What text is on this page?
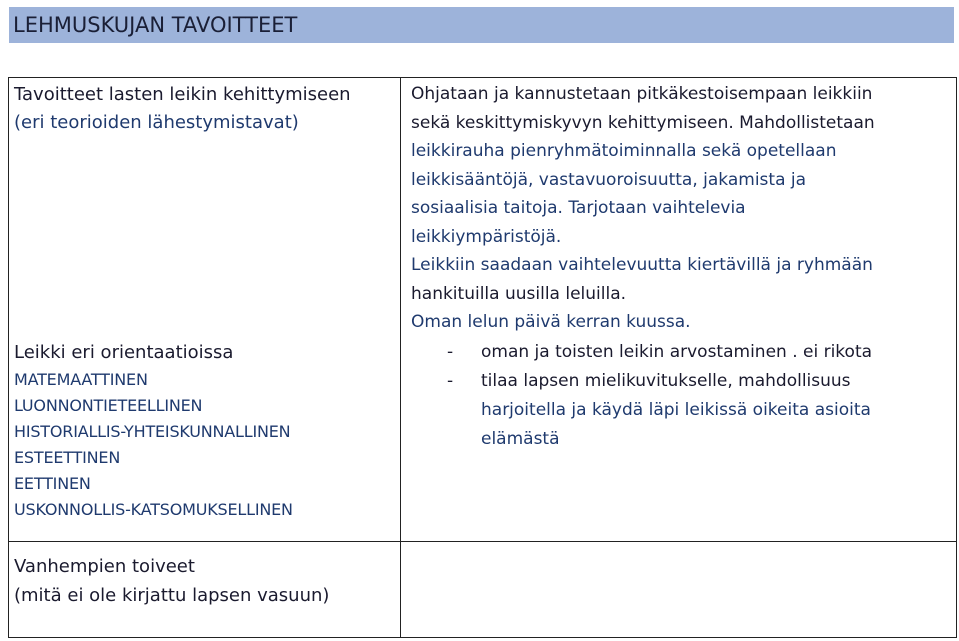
LEHMUSKUJAN TAVOITTEET
Tavoitteet lasten leikin kehittymiseen
(eri teorioiden lähestymistavat)
Leikki eri orientaatioissa
MATEMAATTINEN
LUONNONTIETEELLINEN
HISTORIALLIS-YHTEISKUNNALLINEN
ESTEETTINEN
EETTINEN
USKONNOLLIS-KATSOMUKSELLINEN
Vanhempien toiveet
(mitä ei ole kirjattu lapsen vasuun)
Ohjataan ja kannustetaan pitkäkestoisempaan leikkiin
sekä keskittymiskyvyn kehittymiseen. Mahdollistetaan
leikkirauha pienryhmätoiminnalla sekä opetellaan
leikkisääntöjä, vastavuoroisuutta, jakamista ja
sosiaalisia taitoja. Tarjotaan vaihtelevia
leikkiympäristöjä.
Leikkiin saadaan vaihtelevuutta kiertävillä ja ryhmään
hankituilla uusilla leluilla.
Oman lelun päivä kerran kuussa.
- oman ja toisten leikin arvostaminen . ei rikota
- tilaa lapsen mielikuvitukselle, mahdollisuus
harjoitella ja käydä läpi leikissä oikeita asioita
elämästä
